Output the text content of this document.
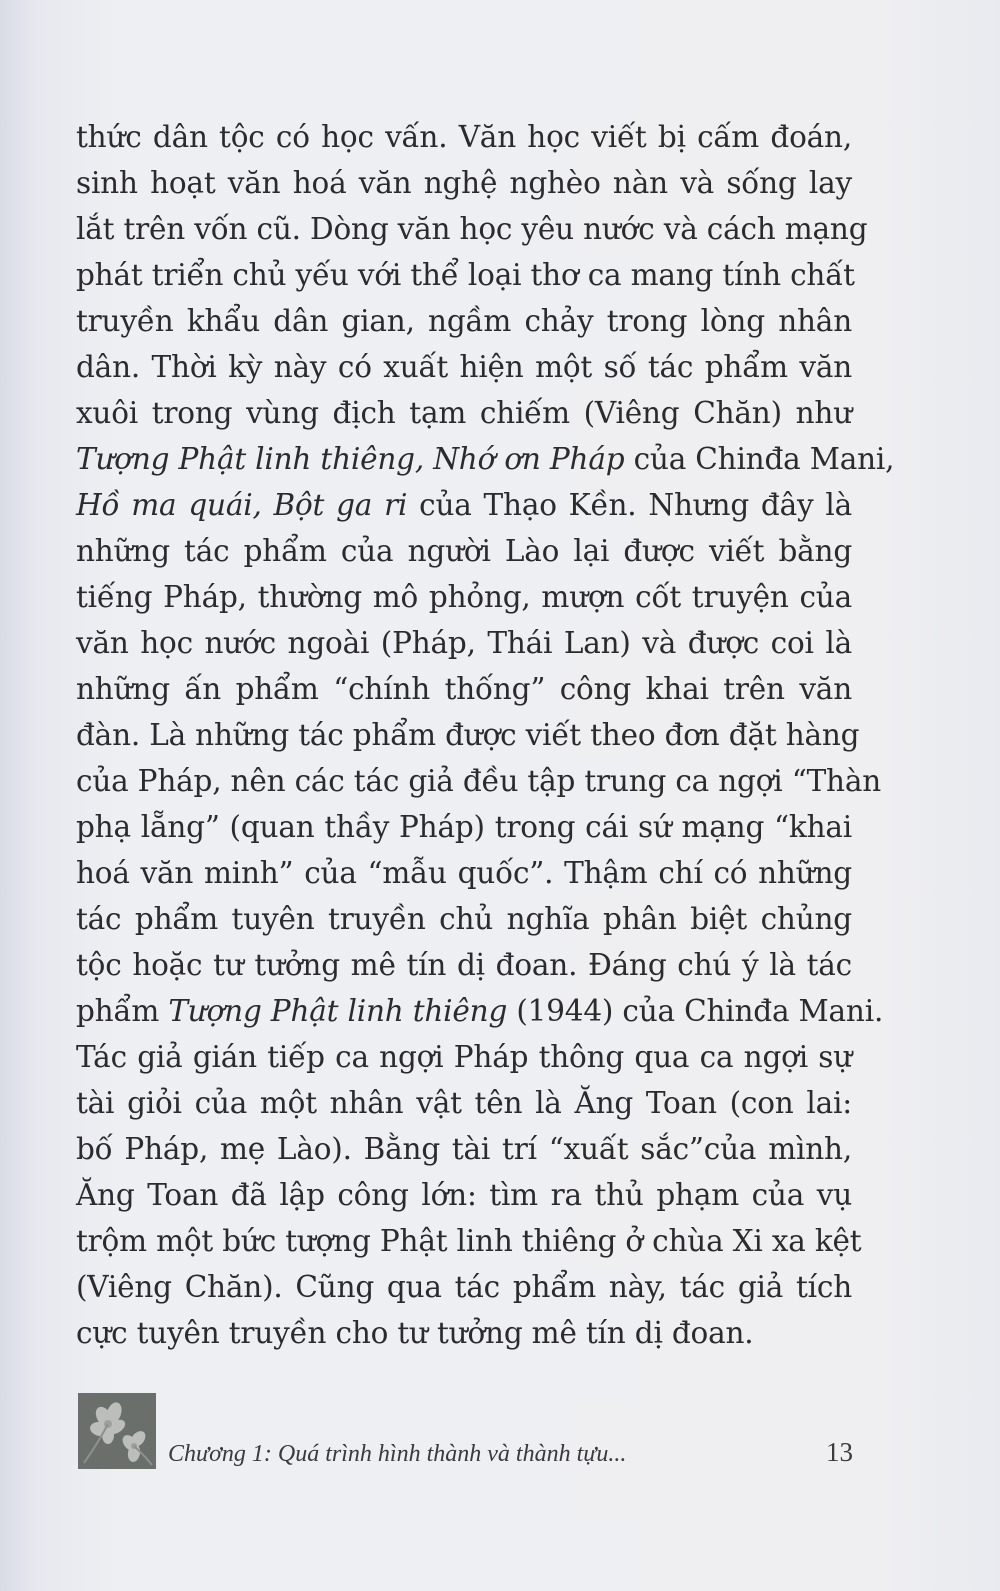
thức dân tộc có học vấn. Văn học viết bị cấm đoán,
sinh hoạt văn hoá văn nghệ nghèo nàn và sống lay
lắt trên vốn cũ. Dòng văn học yêu nước và cách mạng
phát triển chủ yếu với thể loại thơ ca mang tính chất
truyền khẩu dân gian, ngầm chảy trong lòng nhân
dân. Thời kỳ này có xuất hiện một số tác phẩm văn
xuôi trong vùng địch tạm chiếm (Viêng Chăn) như
Tượng Phật linh thiêng, Nhớ ơn Pháp của Chinđa Mani,
Hồ ma quái, Bột ga ri của Thạo Kền. Nhưng đây là
những tác phẩm của người Lào lại được viết bằng
tiếng Pháp, thường mô phỏng, mượn cốt truyện của
văn học nước ngoài (Pháp, Thái Lan) và được coi là
những ấn phẩm “chính thống” công khai trên văn
đàn. Là những tác phẩm được viết theo đơn đặt hàng
của Pháp, nên các tác giả đều tập trung ca ngợi “Thàn
phạ lẵng” (quan thầy Pháp) trong cái sứ mạng “khai
hoá văn minh” của “mẫu quốc”. Thậm chí có những
tác phẩm tuyên truyền chủ nghĩa phân biệt chủng
tộc hoặc tư tưởng mê tín dị đoan. Đáng chú ý là tác
phẩm Tượng Phật linh thiêng (1944) của Chinđa Mani.
Tác giả gián tiếp ca ngợi Pháp thông qua ca ngợi sự
tài giỏi của một nhân vật tên là Ăng Toan (con lai:
bố Pháp, mẹ Lào). Bằng tài trí “xuất sắc”của mình,
Ăng Toan đã lập công lớn: tìm ra thủ phạm của vụ
trộm một bức tượng Phật linh thiêng ở chùa Xi xa kệt
(Viêng Chăn). Cũng qua tác phẩm này, tác giả tích
cực tuyên truyền cho tư tưởng mê tín dị đoan.
Chương 1: Quá trình hình thành và thành tựu...	13
